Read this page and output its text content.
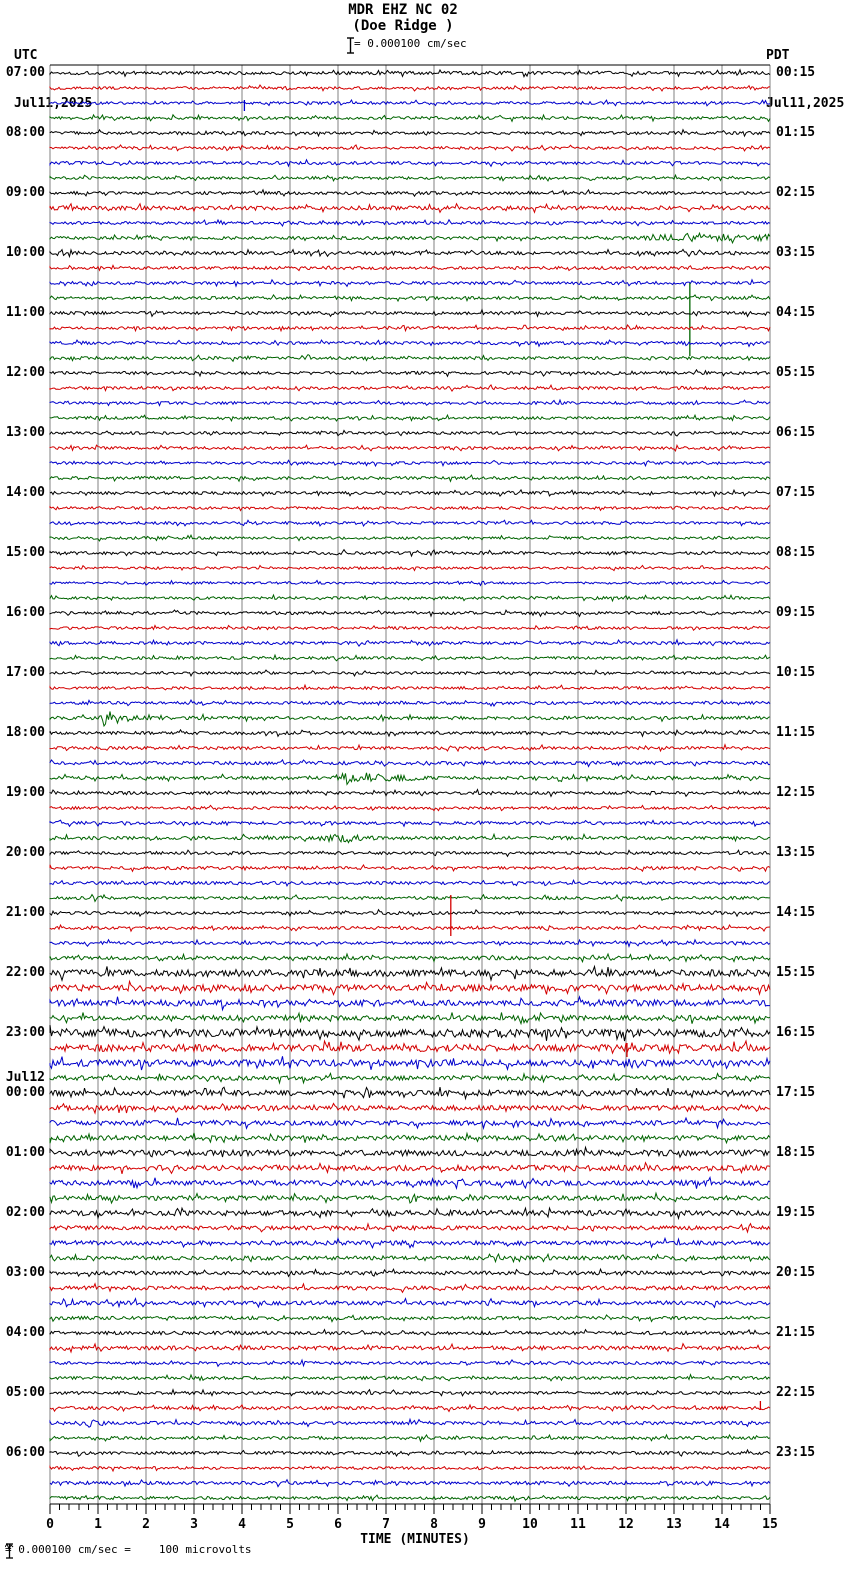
UTC

Jul11,2025

MDR EHZ NC 02
(Doe Ridge )
= 0.000100 cm/sec

PDT

Jul11,2025

0	1	2	3	4	5	6	7	8	9	10 11 12 13 14 15
07:00	00:15
08:00	01:15
09:00	02:15
10:00	03:15
11:00	04:15
12:00	05:15
13:00	06:15
14:00	07:15
15:00	08:15
16:00	09:15
17:00	10:15
18:00	11:15
19:00	12:15
20:00	13:15
21:00	14:15
22:00	15:15
23:00	16:15
Jul12
00:00	17:15
01:00	18:15
02:00	19:15
03:00	20:15
04:00	21:15
05:00	22:15
06:00	23:15
TIME (MINUTES)
= 0.000100 cm/sec =	100 microvolts
